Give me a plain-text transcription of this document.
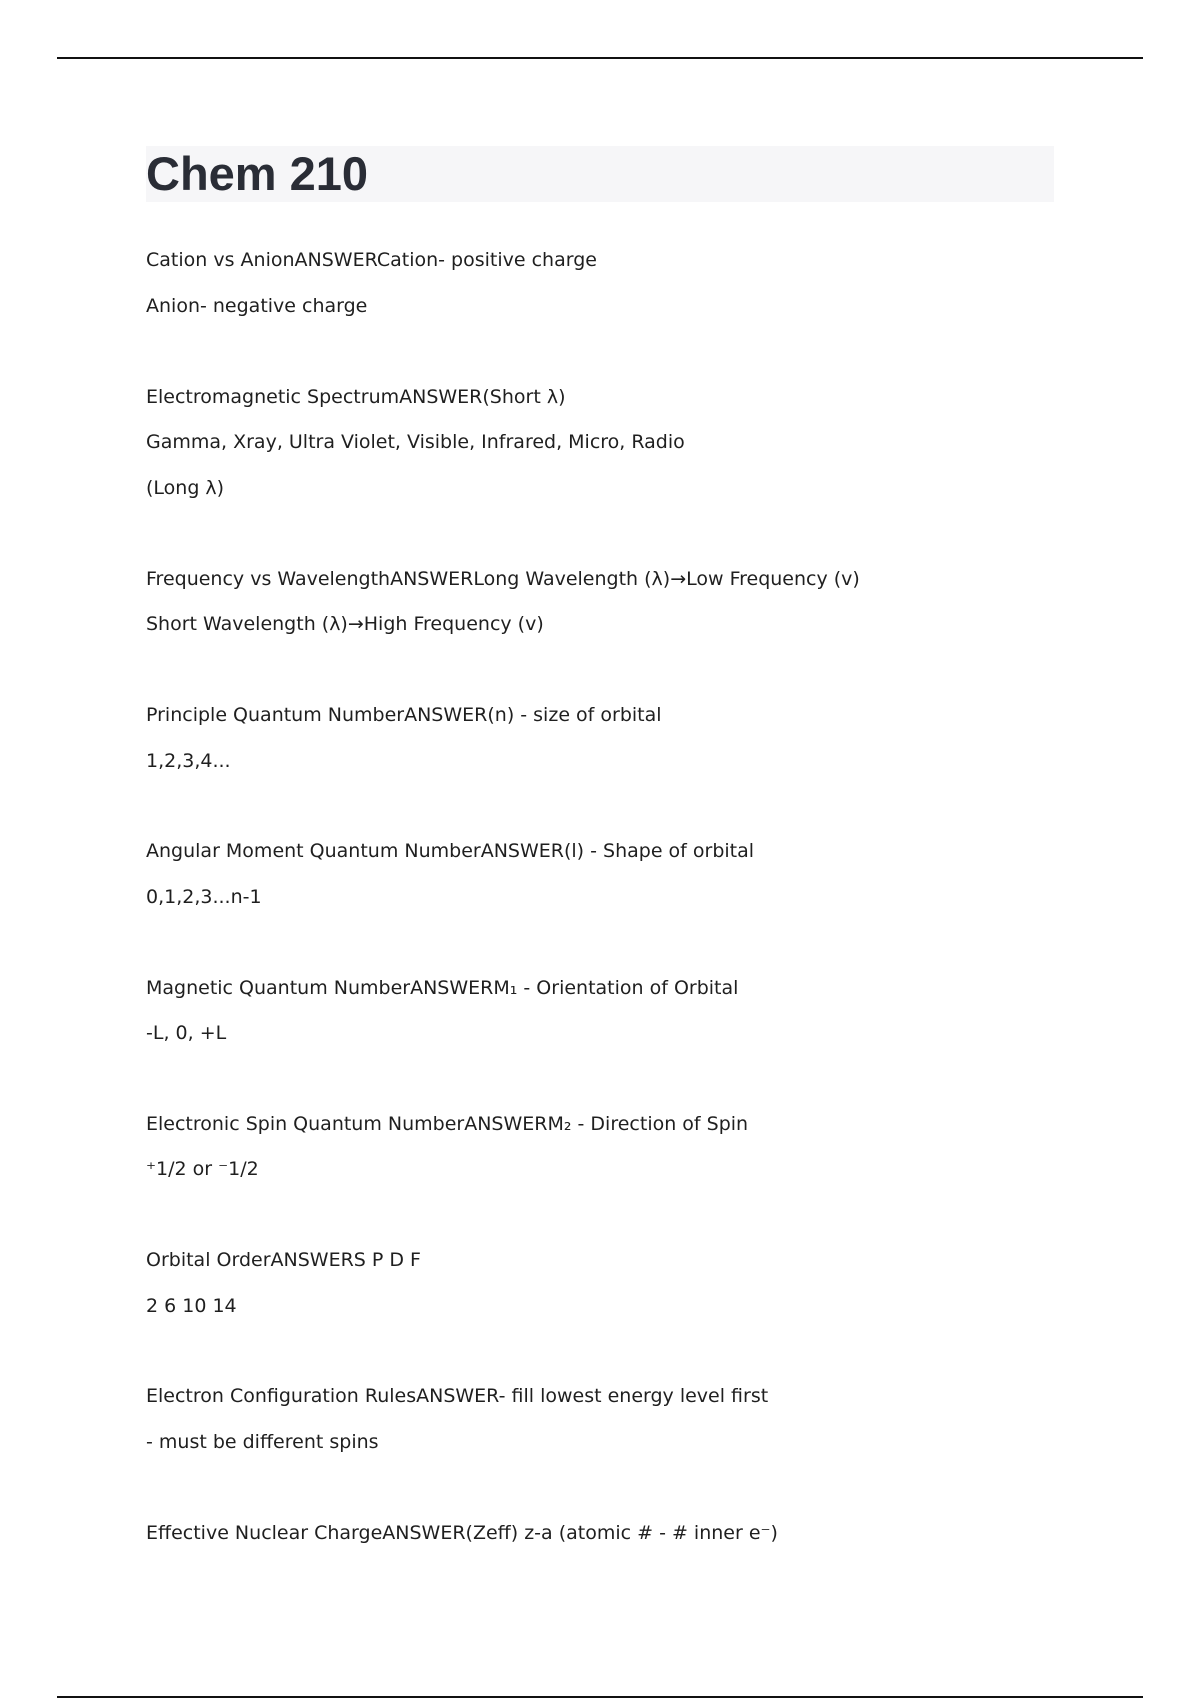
Chem 210
Cation vs AnionANSWERCation- positive charge
Anion- negative charge
Electromagnetic SpectrumANSWER(Short λ)
Gamma, Xray, Ultra Violet, Visible, Infrared, Micro, Radio
(Long λ)
Frequency vs WavelengthANSWERLong Wavelength (λ)→Low Frequency (v)
Short Wavelength (λ)→High Frequency (v)
Principle Quantum NumberANSWER(n) - size of orbital
1,2,3,4...
Angular Moment Quantum NumberANSWER(l) - Shape of orbital
0,1,2,3...n-1
Magnetic Quantum NumberANSWERM₁ - Orientation of Orbital
-L, 0, +L
Electronic Spin Quantum NumberANSWERM₂ - Direction of Spin
⁺1/2 or ⁻1/2
Orbital OrderANSWERS P D F
2 6 10 14
Electron Configuration RulesANSWER- fill lowest energy level first
- must be different spins
Effective Nuclear ChargeANSWER(Zeff) z-a (atomic # - # inner e⁻)
